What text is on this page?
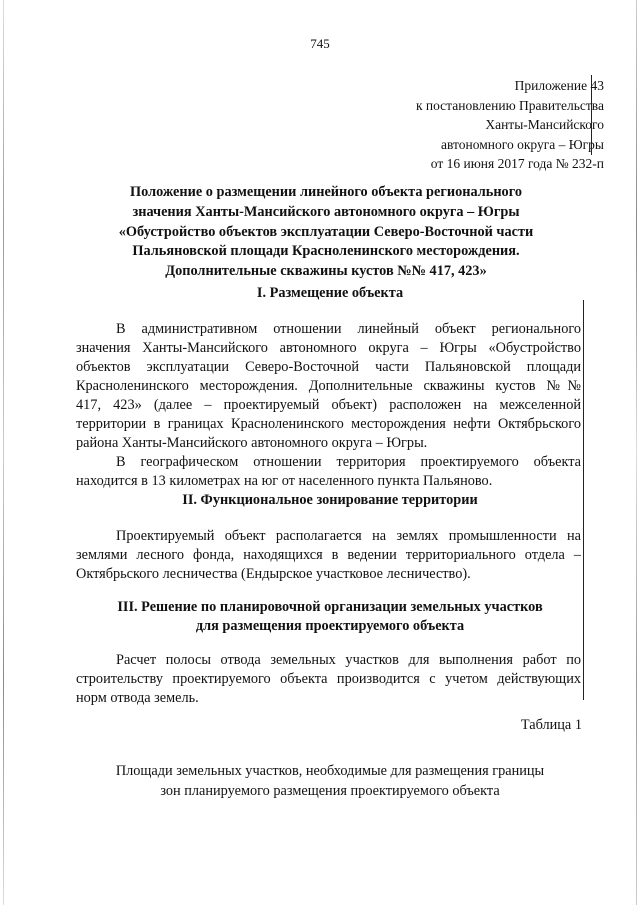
745
Приложение 43
к постановлению Правительства
Ханты-Мансийского
автономного округа – Югры
от 16 июня 2017 года № 232-п
Положение о размещении линейного объекта регионального
значения Ханты-Мансийского автономного округа – Югры
«Обустройство объектов эксплуатации Северо-Восточной части
Пальяновской площади Красноленинского месторождения.
Дополнительные скважины кустов №№ 417, 423»
I. Размещение объекта
В административном отношении линейный объект регионального
значения Ханты-Мансийского автономного округа – Югры «Обустройство
объектов эксплуатации Северо-Восточной части Пальяновской площади
Красноленинского месторождения. Дополнительные скважины кустов №№
417, 423» (далее – проектируемый объект) расположен на межселенной
территории в границах Красноленинского месторождения нефти Октябрьского
района Ханты-Мансийского автономного округа – Югры.
В географическом отношении территория проектируемого объекта
находится в 13 километрах на юг от населенного пункта Пальяново.
II. Функциональное зонирование территории
Проектируемый объект располагается на землях промышленности на
землями лесного фонда, находящихся в ведении территориального отдела –
Октябрьского лесничества (Ендырское участковое лесничество).
III. Решение по планировочной организации земельных участков
для размещения проектируемого объекта
Расчет полосы отвода земельных участков для выполнения работ по
строительству проектируемого объекта производится с учетом действующих
норм отвода земель.
Таблица 1
Площади земельных участков, необходимые для размещения границы
зон планируемого размещения проектируемого объекта
